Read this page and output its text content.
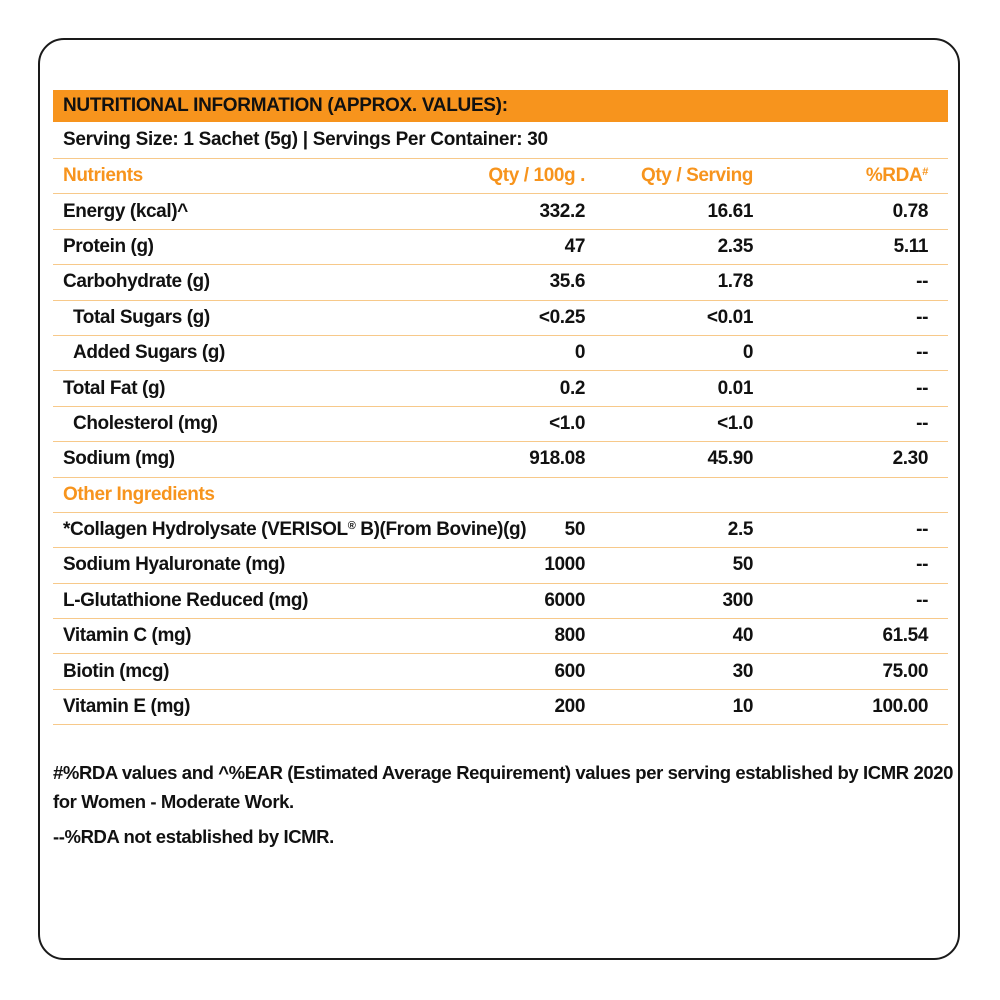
NUTRITIONAL INFORMATION (APPROX. VALUES):
Serving Size: 1 Sachet (5g) | Servings Per Container: 30
Nutrients	Qty / 100g .	Qty / Serving	%RDA#
Energy (kcal)^	332.2	16.61	0.78
Protein (g)	47	2.35	5.11
Carbohydrate (g)	35.6	1.78	--
Total Sugars (g)	<0.25	<0.01	--
Added Sugars (g)	0	0	--
Total Fat (g)	0.2	0.01	--
Cholesterol (mg)	<1.0	<1.0	--
Sodium (mg)	918.08	45.90	2.30
Other Ingredients
*Collagen Hydrolysate (VERISOL® B)(From Bovine)(g)	50	2.5	--
Sodium Hyaluronate (mg)	1000	50	--
L-Glutathione Reduced (mg)	6000	300	--
Vitamin C (mg)	800	40	61.54
Biotin (mcg)	600	30	75.00
Vitamin E (mg)	200	10	100.00

#%RDA values and ^%EAR (Estimated Average Requirement) values per serving established by ICMR 2020 for Women - Moderate Work.

--%RDA not established by ICMR.
